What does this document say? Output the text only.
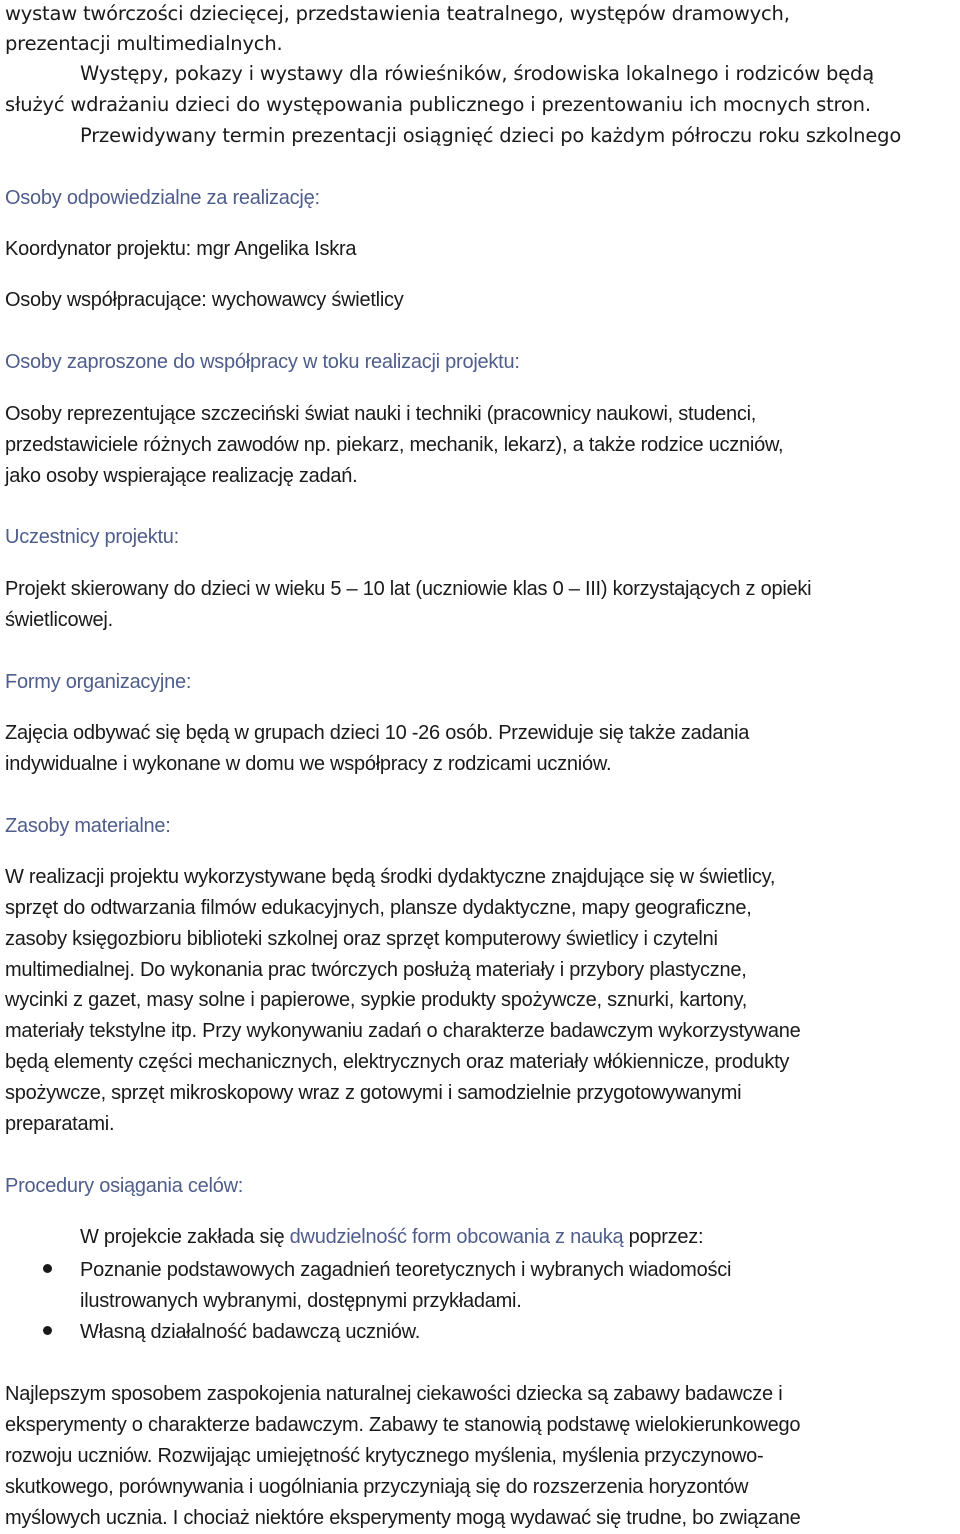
wystaw twórczości dziecięcej, przedstawienia teatralnego, występów dramowych,
prezentacji multimedialnych.
Występy, pokazy i wystawy dla rówieśników, środowiska lokalnego i rodziców będą
służyć wdrażaniu dzieci do występowania publicznego i prezentowaniu ich mocnych stron.
Przewidywany termin prezentacji osiągnięć dzieci po każdym półroczu roku szkolnego
Osoby odpowiedzialne za realizację:
Koordynator projektu: mgr Angelika Iskra
Osoby współpracujące: wychowawcy świetlicy
Osoby zaproszone do współpracy w toku realizacji projektu:
Osoby reprezentujące szczeciński świat nauki i techniki (pracownicy naukowi, studenci,
przedstawiciele różnych zawodów np. piekarz, mechanik, lekarz), a także rodzice uczniów,
jako osoby wspierające realizację zadań.
Uczestnicy projektu:
Projekt skierowany do dzieci w wieku 5 – 10 lat (uczniowie klas 0 – III) korzystających z opieki
świetlicowej.
Formy organizacyjne:
Zajęcia odbywać się będą w grupach dzieci 10 -26 osób. Przewiduje się także zadania
indywidualne i wykonane w domu we współpracy z rodzicami uczniów.
Zasoby materialne:
W realizacji projektu wykorzystywane będą środki dydaktyczne znajdujące się w świetlicy,
sprzęt do odtwarzania filmów edukacyjnych, plansze dydaktyczne, mapy geograficzne,
zasoby księgozbioru biblioteki szkolnej oraz sprzęt komputerowy świetlicy i czytelni
multimedialnej. Do wykonania prac twórczych posłużą materiały i przybory plastyczne,
wycinki z gazet, masy solne i papierowe, sypkie produkty spożywcze, sznurki, kartony,
materiały tekstylne itp. Przy wykonywaniu zadań o charakterze badawczym wykorzystywane
będą elementy części mechanicznych, elektrycznych oraz materiały włókiennicze, produkty
spożywcze, sprzęt mikroskopowy wraz z gotowymi i samodzielnie przygotowywanymi
preparatami.
Procedury osiągania celów:
W projekcie zakłada się dwudzielność form obcowania z nauką poprzez:
Poznanie podstawowych zagadnień teoretycznych i wybranych wiadomości
ilustrowanych wybranymi, dostępnymi przykładami.
Własną działalność badawczą uczniów.
Najlepszym sposobem zaspokojenia naturalnej ciekawości dziecka są zabawy badawcze i
eksperymenty o charakterze badawczym. Zabawy te stanowią podstawę wielokierunkowego
rozwoju uczniów. Rozwijając umiejętność krytycznego myślenia, myślenia przyczynowo-
skutkowego, porównywania i uogólniania przyczyniają się do rozszerzenia horyzontów
myślowych ucznia. I chociaż niektóre eksperymenty mogą wydawać się trudne, bo związane
